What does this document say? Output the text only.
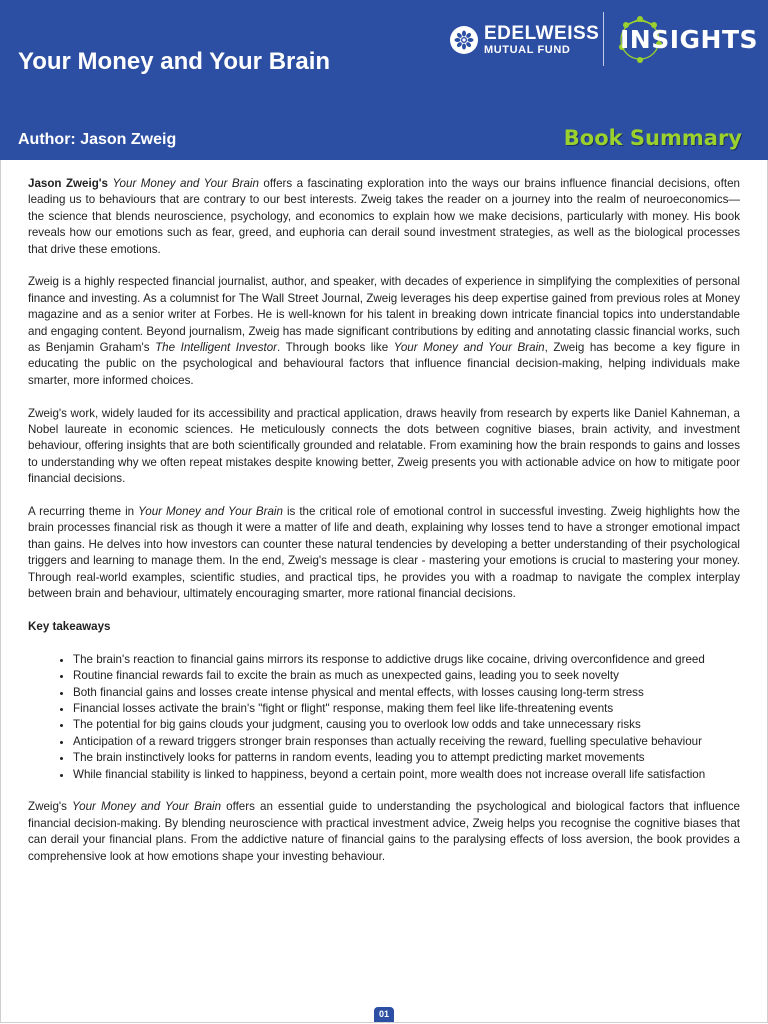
Your Money and Your Brain
Author: Jason Zweig	Book Summary
EDELWEISS
MUTUAL FUND	INSIGHTS

Jason Zweig's Your Money and Your Brain offers a fascinating exploration into the ways our brains influence financial decisions, often leading us to behaviours that are contrary to our best interests. Zweig takes the reader on a journey into the realm of neuroeconomics— the science that blends neuroscience, psychology, and economics to explain how we make decisions, particularly with money. His book reveals how our emotions such as fear, greed, and euphoria can derail sound investment strategies, as well as the biological processes that drive these emotions.

Zweig is a highly respected financial journalist, author, and speaker, with decades of experience in simplifying the complexities of personal finance and investing. As a columnist for The Wall Street Journal, Zweig leverages his deep expertise gained from previous roles at Money magazine and as a senior writer at Forbes. He is well-known for his talent in breaking down intricate financial topics into understandable and engaging content. Beyond journalism, Zweig has made significant contributions by editing and annotating classic financial works, such as Benjamin Graham's The Intelligent Investor. Through books like Your Money and Your Brain, Zweig has become a key figure in educating the public on the psychological and behavioural factors that influence financial decision-making, helping individuals make smarter, more informed choices.

Zweig's work, widely lauded for its accessibility and practical application, draws heavily from research by experts like Daniel Kahneman, a Nobel laureate in economic sciences. He meticulously connects the dots between cognitive biases, brain activity, and investment behaviour, offering insights that are both scientifically grounded and relatable. From examining how the brain responds to gains and losses to understanding why we often repeat mistakes despite knowing better, Zweig presents you with actionable advice on how to mitigate poor financial decisions.

A recurring theme in Your Money and Your Brain is the critical role of emotional control in successful investing. Zweig highlights how the brain processes financial risk as though it were a matter of life and death, explaining why losses tend to have a stronger emotional impact than gains. He delves into how investors can counter these natural tendencies by developing a better understanding of their psychological triggers and learning to manage them. In the end, Zweig's message is clear - mastering your emotions is crucial to mastering your money. Through real-world examples, scientific studies, and practical tips, he provides you with a roadmap to navigate the complex interplay between brain and behaviour, ultimately encouraging smarter, more rational financial decisions.

Key takeaways
• The brain's reaction to financial gains mirrors its response to addictive drugs like cocaine, driving overconfidence and greed
• Routine financial rewards fail to excite the brain as much as unexpected gains, leading you to seek novelty
• Both financial gains and losses create intense physical and mental effects, with losses causing long-term stress
• Financial losses activate the brain's "fight or flight" response, making them feel like life-threatening events
• The potential for big gains clouds your judgment, causing you to overlook low odds and take unnecessary risks
• Anticipation of a reward triggers stronger brain responses than actually receiving the reward, fuelling speculative behaviour
• The brain instinctively looks for patterns in random events, leading you to attempt predicting market movements
• While financial stability is linked to happiness, beyond a certain point, more wealth does not increase overall life satisfaction

Zweig's Your Money and Your Brain offers an essential guide to understanding the psychological and biological factors that influence financial decision-making. By blending neuroscience with practical investment advice, Zweig helps you recognise the cognitive biases that can derail your financial plans. From the addictive nature of financial gains to the paralysing effects of loss aversion, the book provides a comprehensive look at how emotions shape your investing behaviour.

01
